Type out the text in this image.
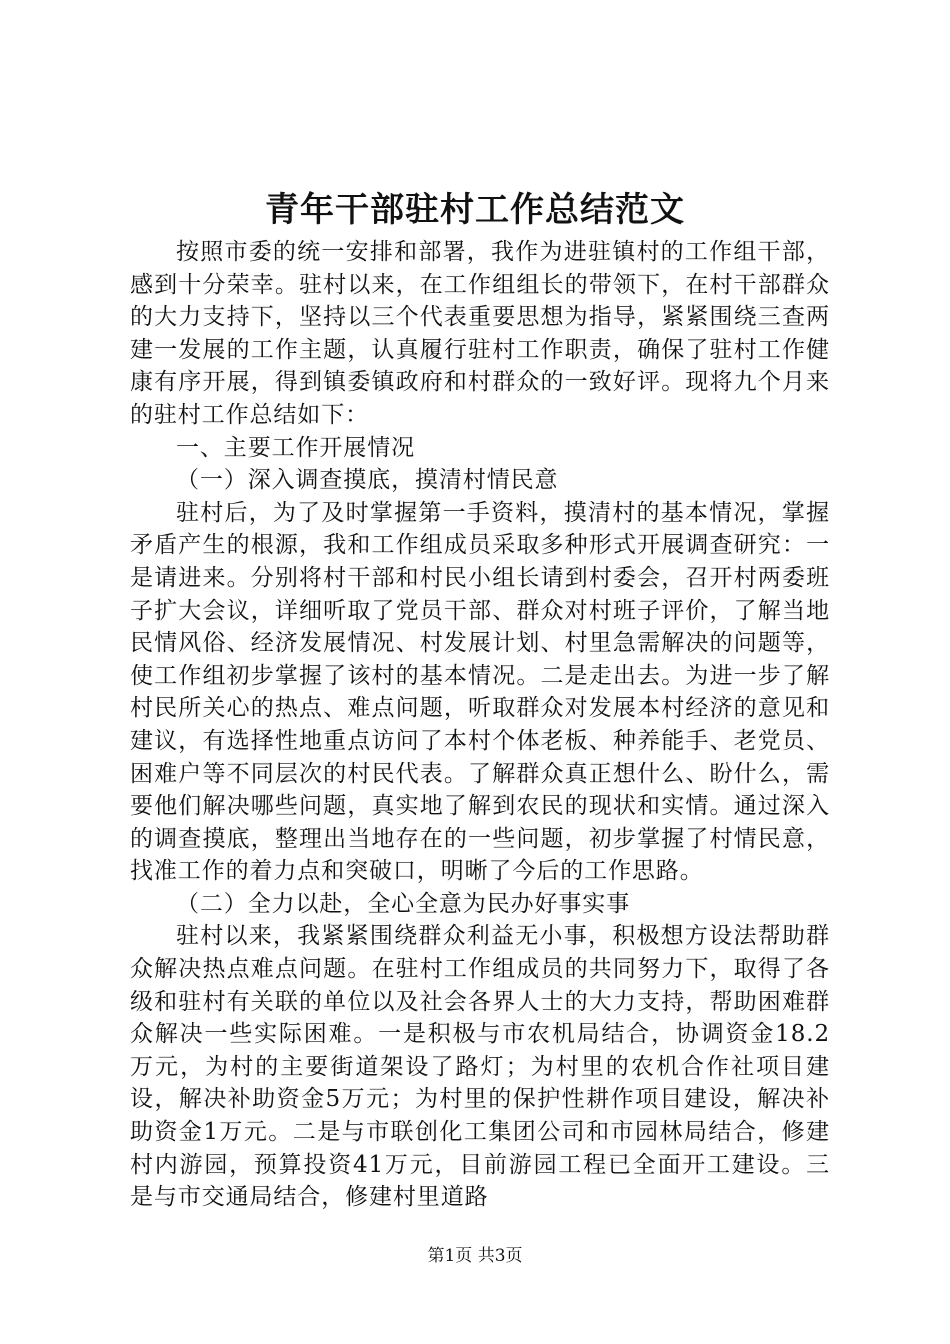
青年干部驻村工作总结范文

按照市委的统一安排和部署，我作为进驻镇村的工作组干部，感到十分荣幸。驻村以来，在工作组组长的带领下，在村干部群众的大力支持下，坚持以三个代表重要思想为指导，紧紧围绕三查两建一发展的工作主题，认真履行驻村工作职责，确保了驻村工作健康有序开展，得到镇委镇政府和村群众的一致好评。现将九个月来的驻村工作总结如下：

一、主要工作开展情况

（一）深入调查摸底，摸清村情民意

驻村后，为了及时掌握第一手资料，摸清村的基本情况，掌握矛盾产生的根源，我和工作组成员采取多种形式开展调查研究：一是请进来。分别将村干部和村民小组长请到村委会，召开村两委班子扩大会议，详细听取了党员干部、群众对村班子评价，了解当地民情风俗、经济发展情况、村发展计划、村里急需解决的问题等，使工作组初步掌握了该村的基本情况。二是走出去。为进一步了解村民所关心的热点、难点问题，听取群众对发展本村经济的意见和建议，有选择性地重点访问了本村个体老板、种养能手、老党员、困难户等不同层次的村民代表。了解群众真正想什么、盼什么，需要他们解决哪些问题，真实地了解到农民的现状和实情。通过深入的调查摸底，整理出当地存在的一些问题，初步掌握了村情民意，找准工作的着力点和突破口，明晰了今后的工作思路。

（二）全力以赴，全心全意为民办好事实事

驻村以来，我紧紧围绕群众利益无小事，积极想方设法帮助群众解决热点难点问题。在驻村工作组成员的共同努力下，取得了各级和驻村有关联的单位以及社会各界人士的大力支持，帮助困难群众解决一些实际困难。一是积极与市农机局结合，协调资金18.2万元，为村的主要街道架设了路灯；为村里的农机合作社项目建设，解决补助资金5万元；为村里的保护性耕作项目建设，解决补助资金1万元。二是与市联创化工集团公司和市园林局结合，修建村内游园，预算投资41万元，目前游园工程已全面开工建设。三是与市交通局结合，修建村里道路

第1页 共3页
